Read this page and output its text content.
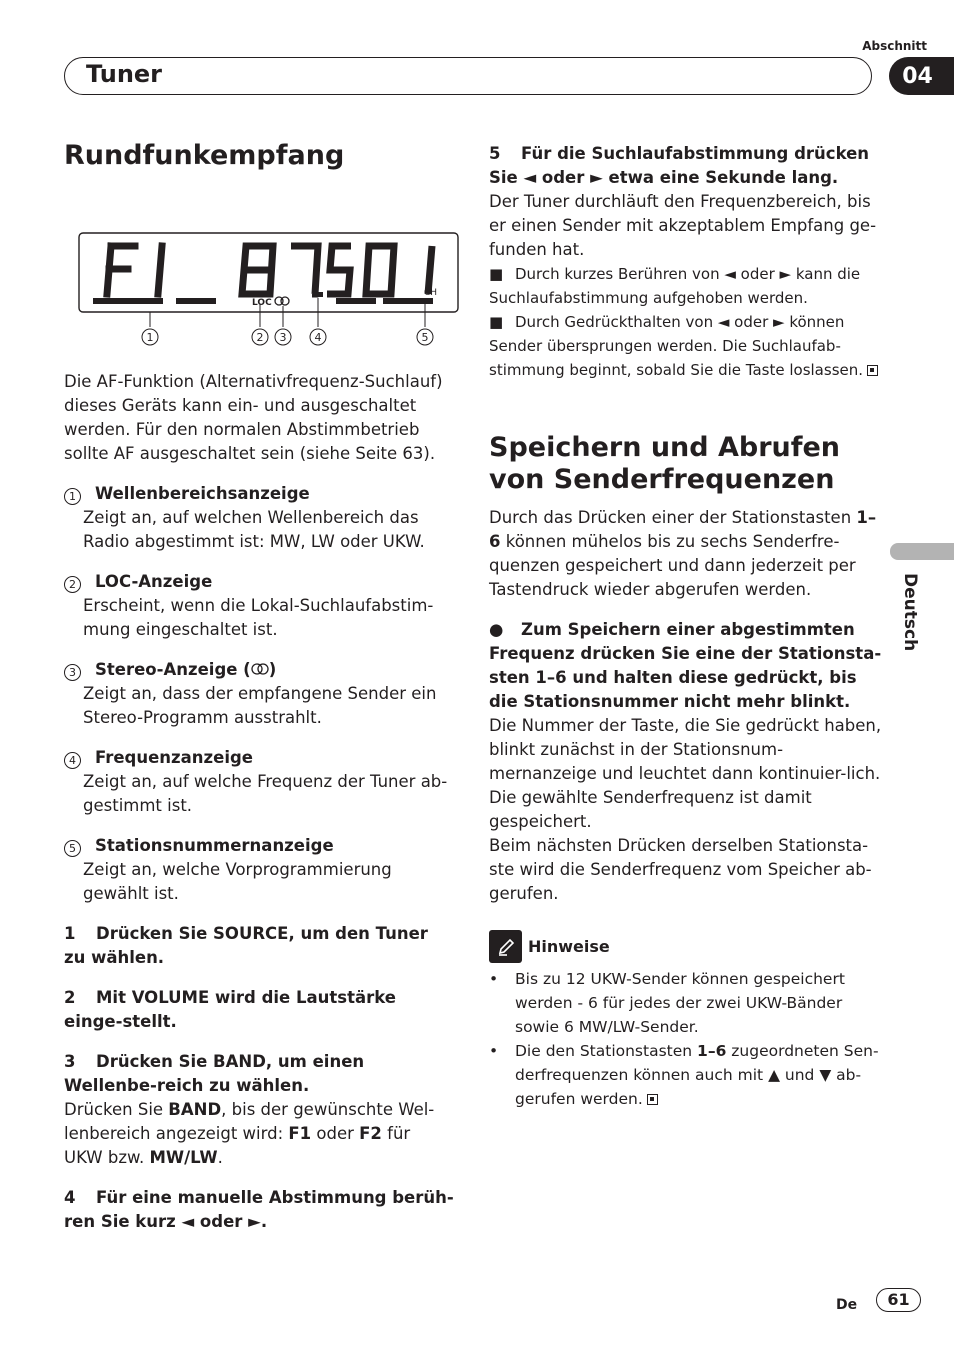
Abschnitt
Tuner	04
Deutsch
Rundfunkempfang
LOC
CH
1	2 3	4	5

Die AF-Funktion (Alternativfrequenz-Suchlauf) dieses Geräts kann ein- und ausgeschaltet werden. Für den normalen Abstimmbetrieb sollte AF ausgeschaltet sein (siehe Seite 63).

1	Wellenbereichsanzeige
Zeigt an, auf welchen Wellenbereich das Radio abgestimmt ist: MW, LW oder UKW.
2	LOC-Anzeige
Erscheint, wenn die Lokal-Suchlaufabstim-mung eingeschaltet ist.
3	Stereo-Anzeige ( )
Zeigt an, dass der empfangene Sender ein Stereo-Programm ausstrahlt.
4	Frequenzanzeige
Zeigt an, auf welche Frequenz der Tuner ab-gestimmt ist.
5	Stationsnummernanzeige
Zeigt an, welche Vorprogrammierung gewählt ist.
1 Drücken Sie SOURCE, um den Tuner zu wählen.
2 Mit VOLUME wird die Lautstärke einge-stellt.
3 Drücken Sie BAND, um einen Wellenbe-reich zu wählen.

Drücken Sie BAND, bis der gewünschte Wel-lenbereich angezeigt wird: F1 oder F2 für UKW bzw. MW/LW.

4 Für eine manuelle Abstimmung berüh-ren Sie kurz ◄ oder ►.
5 Für die Suchlaufabstimmung drücken Sie ◄ oder ► etwa eine Sekunde lang.

Der Tuner durchläuft den Frequenzbereich, bis er einen Sender mit akzeptablem Empfang ge-funden hat.

■ Durch kurzes Berühren von ◄ oder ► kann die Suchlaufabstimmung aufgehoben werden.

■ Durch Gedrückthalten von ◄ oder ► können Sender übersprungen werden. Die Suchlaufab-stimmung beginnt, sobald Sie die Taste loslassen.

Speichern und Abrufen von Senderfrequenzen

Durch das Drücken einer der Stationstasten 1–6 können mühelos bis zu sechs Senderfre-quenzen gespeichert und dann jederzeit per Tastendruck wieder abgerufen werden.

● Zum Speichern einer abgestimmten Frequenz drücken Sie eine der Stationsta-sten 1–6 und halten diese gedrückt, bis die Stationsnummer nicht mehr blinkt.

Die Nummer der Taste, die Sie gedrückt haben, blinkt zunächst in der Stationsnum-mernanzeige und leuchtet dann kontinuier-lich. Die gewählte Senderfrequenz ist damit gespeichert.

Beim nächsten Drücken derselben Stationsta-ste wird die Senderfrequenz vom Speicher ab-gerufen.

Hinweise
•	Bis zu 12 UKW-Sender können gespeichert werden - 6 für jedes der zwei UKW-Bänder sowie 6 MW/LW-Sender.
•	Die den Stationstasten 1–6 zugeordneten Sen-derfrequenzen können auch mit ▲ und ▼ ab-gerufen werden.
De	61
